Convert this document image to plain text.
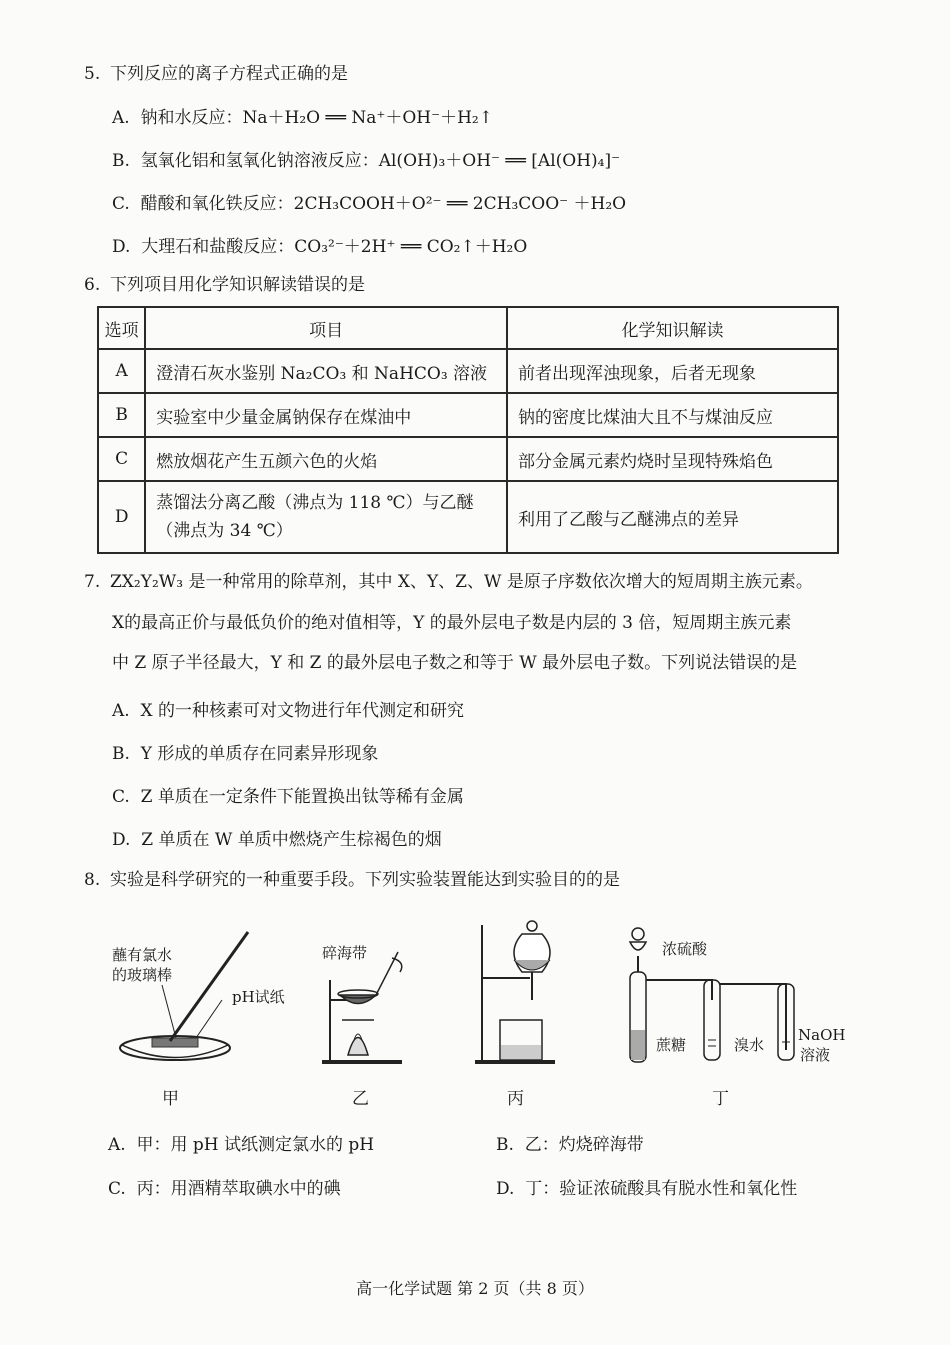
5. 下列反应的离子方程式正确的是
A. 钠和水反应：Na＋H₂O ══ Na⁺＋OH⁻＋H₂↑
B. 氢氧化铝和氢氧化钠溶液反应：Al(OH)₃＋OH⁻ ══ [Al(OH)₄]⁻
C. 醋酸和氧化铁反应：2CH₃COOH＋O²⁻ ══ 2CH₃COO⁻ ＋H₂O
D. 大理石和盐酸反应：CO₃²⁻＋2H⁺ ══ CO₂↑＋H₂O
6. 下列项目用化学知识解读错误的是
选项	项目	化学知识解读
A	澄清石灰水鉴别 Na₂CO₃ 和 NaHCO₃ 溶液	前者出现浑浊现象，后者无现象
B	实验室中少量金属钠保存在煤油中	钠的密度比煤油大且不与煤油反应
C	燃放烟花产生五颜六色的火焰	部分金属元素灼烧时呈现特殊焰色
D	蒸馏法分离乙酸（沸点为 118 ℃）与乙醚（沸点为 34 ℃）	利用了乙酸与乙醚沸点的差异
7. ZX₂Y₂W₃ 是一种常用的除草剂，其中 X、Y、Z、W 是原子序数依次增大的短周期主族元素。
X的最高正价与最低负价的绝对值相等，Y 的最外层电子数是内层的 3 倍，短周期主族元素
中 Z 原子半径最大，Y 和 Z 的最外层电子数之和等于 W 最外层电子数。下列说法错误的是
A. X 的一种核素可对文物进行年代测定和研究
B. Y 形成的单质存在同素异形现象
C. Z 单质在一定条件下能置换出钛等稀有金属
D. Z 单质在 W 单质中燃烧产生棕褐色的烟
8. 实验是科学研究的一种重要手段。下列实验装置能达到实验目的的是
蘸有氯水
的玻璃棒
pH试纸
碎海带	浓硫酸
蔗糖	溴水
NaOH
溶液
甲	乙	丙	丁
A. 甲：用 pH 试纸测定氯水的 pH	B. 乙：灼烧碎海带
C. 丙：用酒精萃取碘水中的碘	D. 丁：验证浓硫酸具有脱水性和氧化性
高一化学试题 第 2 页（共 8 页）
